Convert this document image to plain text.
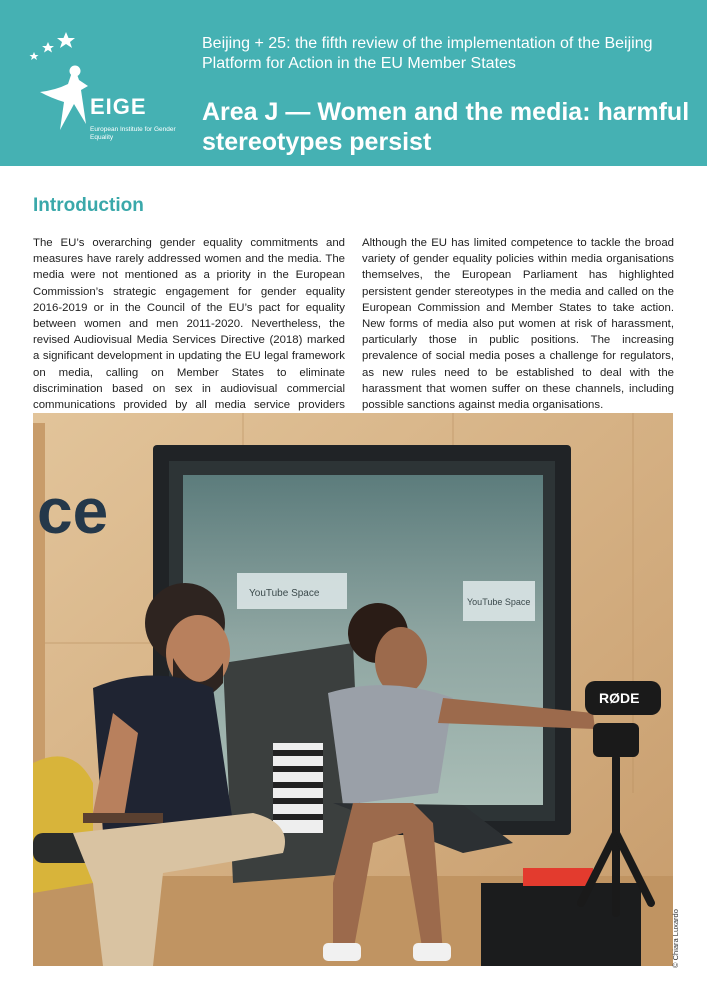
EIGE
European Institute for Gender Equality
Beijing + 25: the fifth review of the implementation of the Beijing Platform for Action in the EU Member States
Area J — Women and the media: harmful stereotypes persist
Introduction
The EU’s overarching gender equality commitments and measures have rarely addressed women and the media. The media were not mentioned as a priority in the European Commission’s strategic engagement for gender equality 2016-2019 or in the Council of the EU’s pact for equality between women and men 2011-2020. Nevertheless, the revised Audiovisual Media Services Directive (2018) marked a significant development in updating the EU legal framework on media, calling on Member States to eliminate discrimination based on sex in audiovisual commercial communications provided by all media service providers
Although the EU has limited competence to tackle the broad variety of gender equality policies within media organisations themselves, the European Parliament has highlighted persistent gender stereotypes in the media and called on the European Commission and Member States to take action. New forms of media also put women at risk of harassment, particularly those in public positions. The increasing prevalence of social media poses a challenge for regulators, as new rules need to be established to deal with the harassment that women suffer on these channels, including possible sanctions against media organisations.
ce
YouTube Space
YouTube Space
RØDE
© Chiara Luxardo
